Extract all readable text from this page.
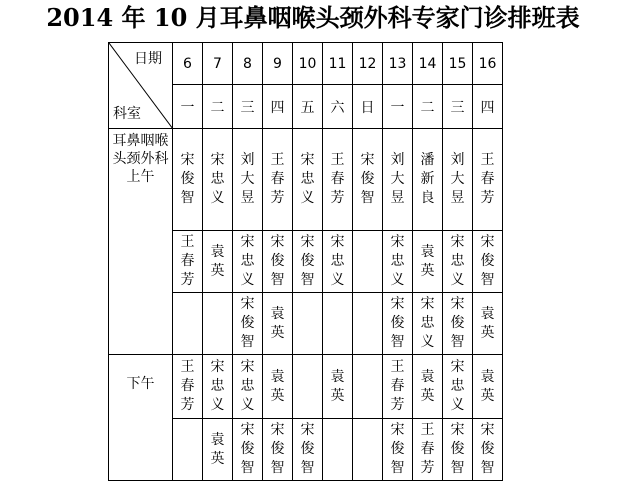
2014 年 10 月耳鼻咽喉头颈外科专家门诊排班表
日期
科室	6	7	8	9	10	11	12	13	14	15	16
	一	二	三	四	五	六	日	一	二	三	四
耳鼻咽喉头颈外科上午	宋俊智	宋忠义	刘大昱	王春芳	宋忠义	王春芳	宋俊智	刘大昱	潘新良	刘大昱	王春芳
	王春芳	袁英	宋忠义	宋俊智	宋俊智	宋忠义		宋忠义	袁英	宋忠义	宋俊智
			宋俊智	袁英				宋俊智	宋忠义	宋俊智	袁英
下午	王春芳	宋忠义	宋忠义	袁英		袁英		王春芳	袁英	宋忠义	袁英
		袁英	宋俊智	宋俊智	宋俊智			宋俊智	王春芳	宋俊智	宋俊智
